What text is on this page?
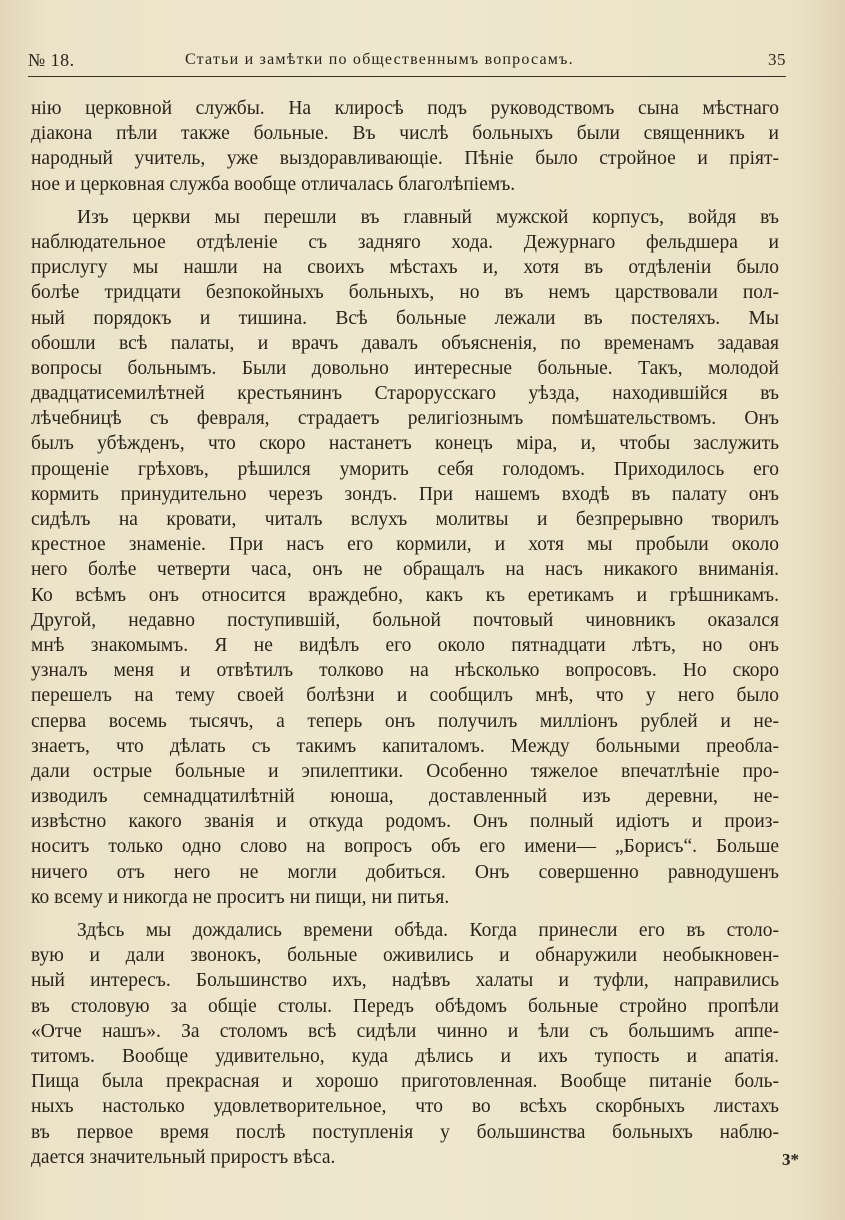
№ 18.	Статьи и замѣтки по общественнымъ вопросамъ.	35
нію церковной службы. На клиросѣ подъ руководствомъ сына мѣстнаго
діакона пѣли также больные. Въ числѣ больныхъ были священникъ и
народный учитель, уже выздоравливающіе. Пѣніе было стройное и пріят-
ное и церковная служба вообще отличалась благолѣпіемъ.
Изъ церкви мы перешли въ главный мужской корпусъ, войдя въ
наблюдательное отдѣленіе съ задняго хода. Дежурнаго фельдшера и
прислугу мы нашли на своихъ мѣстахъ и, хотя въ отдѣленіи было
болѣе тридцати безпокойныхъ больныхъ, но въ немъ царствовали пол-
ный порядокъ и тишина. Всѣ больные лежали въ постеляхъ. Мы
обошли всѣ палаты, и врачъ давалъ объясненія, по временамъ задавая
вопросы больнымъ. Были довольно интересные больные. Такъ, молодой
двадцатисемилѣтней крестьянинъ Старорусскаго уѣзда, находившійся въ
лѣчебницѣ съ февраля, страдаетъ религіознымъ помѣшательствомъ. Онъ
былъ убѣжденъ, что скоро настанетъ конецъ міра, и, чтобы заслужить
прощеніе грѣховъ, рѣшился уморить себя голодомъ. Приходилось его
кормить принудительно черезъ зондъ. При нашемъ входѣ въ палату онъ
сидѣлъ на кровати, читалъ вслухъ молитвы и безпрерывно творилъ
крестное знаменіе. При насъ его кормили, и хотя мы пробыли около
него болѣе четверти часа, онъ не обращалъ на насъ никакого вниманія.
Ко всѣмъ онъ относится враждебно, какъ къ еретикамъ и грѣшникамъ.
Другой, недавно поступившій, больной почтовый чиновникъ оказался
мнѣ знакомымъ. Я не видѣлъ его около пятнадцати лѣтъ, но онъ
узналъ меня и отвѣтилъ толково на нѣсколько вопросовъ. Но скоро
перешелъ на тему своей болѣзни и сообщилъ мнѣ, что у него было
сперва восемь тысячъ, а теперь онъ получилъ милліонъ рублей и не-
знаетъ, что дѣлать съ такимъ капиталомъ. Между больными преобла-
дали острые больные и эпилептики. Особенно тяжелое впечатлѣніе про-
изводилъ семнадцатилѣтній юноша, доставленный изъ деревни, не-
извѣстно какого званія и откуда родомъ. Онъ полный идіотъ и произ-
носитъ только одно слово на вопросъ объ его имени— „Борисъ“. Больше
ничего отъ него не могли добиться. Онъ совершенно равнодушенъ
ко всему и никогда не проситъ ни пищи, ни питья.
Здѣсь мы дождались времени обѣда. Когда принесли его въ столо-
вую и дали звонокъ, больные оживились и обнаружили необыкновен-
ный интересъ. Большинство ихъ, надѣвъ халаты и туфли, направились
въ столовую за общіе столы. Передъ обѣдомъ больные стройно пропѣли
«Отче нашъ». За столомъ всѣ сидѣли чинно и ѣли съ большимъ аппе-
титомъ. Вообще удивительно, куда дѣлись и ихъ тупость и апатія.
Пища была прекрасная и хорошо приготовленная. Вообще питаніе боль-
ныхъ настолько удовлетворительное, что во всѣхъ скорбныхъ листахъ
въ первое время послѣ поступленія у большинства больныхъ наблю-
дается значительный приростъ вѣса.	3*
